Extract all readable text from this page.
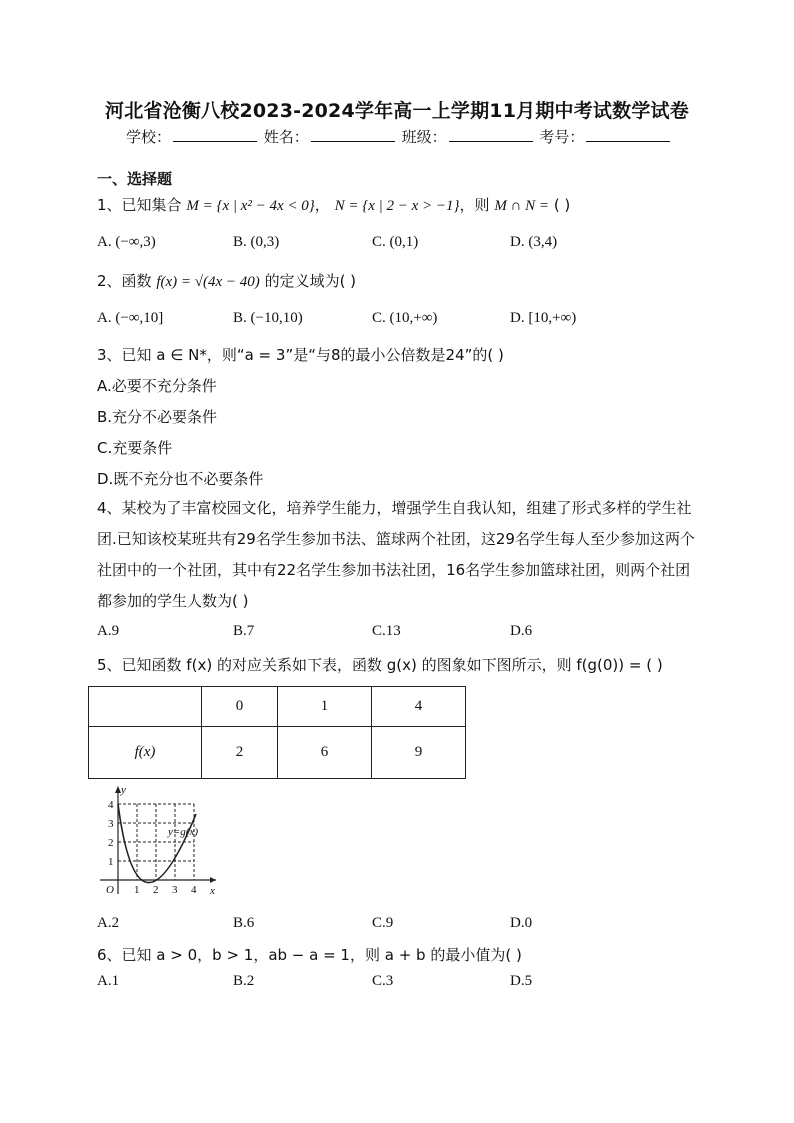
河北省沧衡八校2023-2024学年高一上学期11月期中考试数学试卷
学校：	姓名：	班级：	考号：
一、选择题
1、已知集合 M = {x | x² − 4x < 0}， N = {x | 2 − x > −1}，则 M ∩ N = ( )
A. (−∞,3)	B. (0,3)	C. (0,1)	D. (3,4)
2、函数 f(x) = √(4x − 40) 的定义域为( )
A. (−∞,10]	B. (−10,10)	C. (10,+∞)	D. [10,+∞)
3、已知 a ∈ N*，则“a = 3”是“与8的最小公倍数是24”的( )
A.必要不充分条件
B.充分不必要条件
C.充要条件
D.既不充分也不必要条件
4、某校为了丰富校园文化，培养学生能力，增强学生自我认知，组建了形式多样的学生社团.已知该校某班共有29名学生参加书法、篮球两个社团，这29名学生每人至少参加这两个社团中的一个社团，其中有22名学生参加书法社团，16名学生参加篮球社团，则两个社团都参加的学生人数为( )
A.9	B.7	C.13	D.6
5、已知函数 f(x) 的对应关系如下表，函数 g(x) 的图象如下图所示，则 f(g(0)) = ( )
	0	1	4
f(x)	2	6	9
y
x
O
y=g(x)
1
2
3
4
1 2 3 4
A.2	B.6	C.9	D.0
6、已知 a > 0，b > 1，ab − a = 1，则 a + b 的最小值为( )
A.1	B.2	C.3	D.5
